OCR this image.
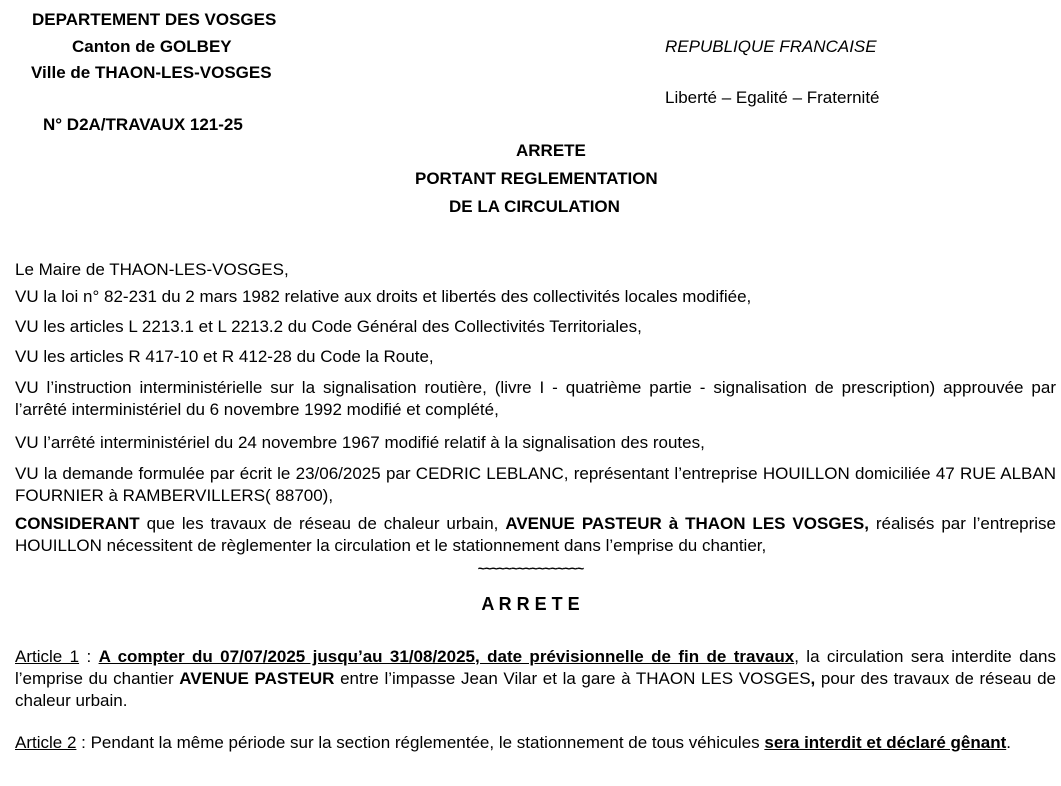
DEPARTEMENT DES VOSGES
Canton de GOLBEY
Ville de THAON-LES-VOSGES
N° D2A/TRAVAUX 121-25
REPUBLIQUE FRANCAISE
Liberté – Egalité – Fraternité
ARRETE
PORTANT REGLEMENTATION
DE LA CIRCULATION
Le Maire de THAON-LES-VOSGES,
VU la loi n° 82-231 du 2 mars 1982 relative aux droits et libertés des collectivités locales modifiée,
VU les articles L 2213.1 et L 2213.2 du Code Général des Collectivités Territoriales,
VU les articles R 417-10 et R 412-28 du Code la Route,
VU l’instruction interministérielle sur la signalisation routière, (livre I - quatrième partie - signalisation de prescription) approuvée par l’arrêté interministériel du 6 novembre 1992 modifié et complété,
VU l’arrêté interministériel du 24 novembre 1967 modifié relatif à la signalisation des routes,
VU la demande formulée par écrit le 23/06/2025 par CEDRIC LEBLANC, représentant l’entreprise HOUILLON domiciliée 47 RUE ALBAN FOURNIER à RAMBERVILLERS( 88700),
CONSIDERANT que les travaux de réseau de chaleur urbain, AVENUE PASTEUR à THAON LES VOSGES, réalisés par l’entreprise HOUILLON nécessitent de règlementer la circulation et le stationnement dans l’emprise du chantier,
~~~~~~~~~~~~~~~~
A R R E T E
Article 1 : A compter du 07/07/2025 jusqu’au 31/08/2025, date prévisionnelle de fin de travaux, la circulation sera interdite dans l’emprise du chantier AVENUE PASTEUR entre l’impasse Jean Vilar et la gare à THAON LES VOSGES, pour des travaux de réseau de chaleur urbain.
Article 2 : Pendant la même période sur la section réglementée, le stationnement de tous véhicules sera interdit et déclaré gênant.
